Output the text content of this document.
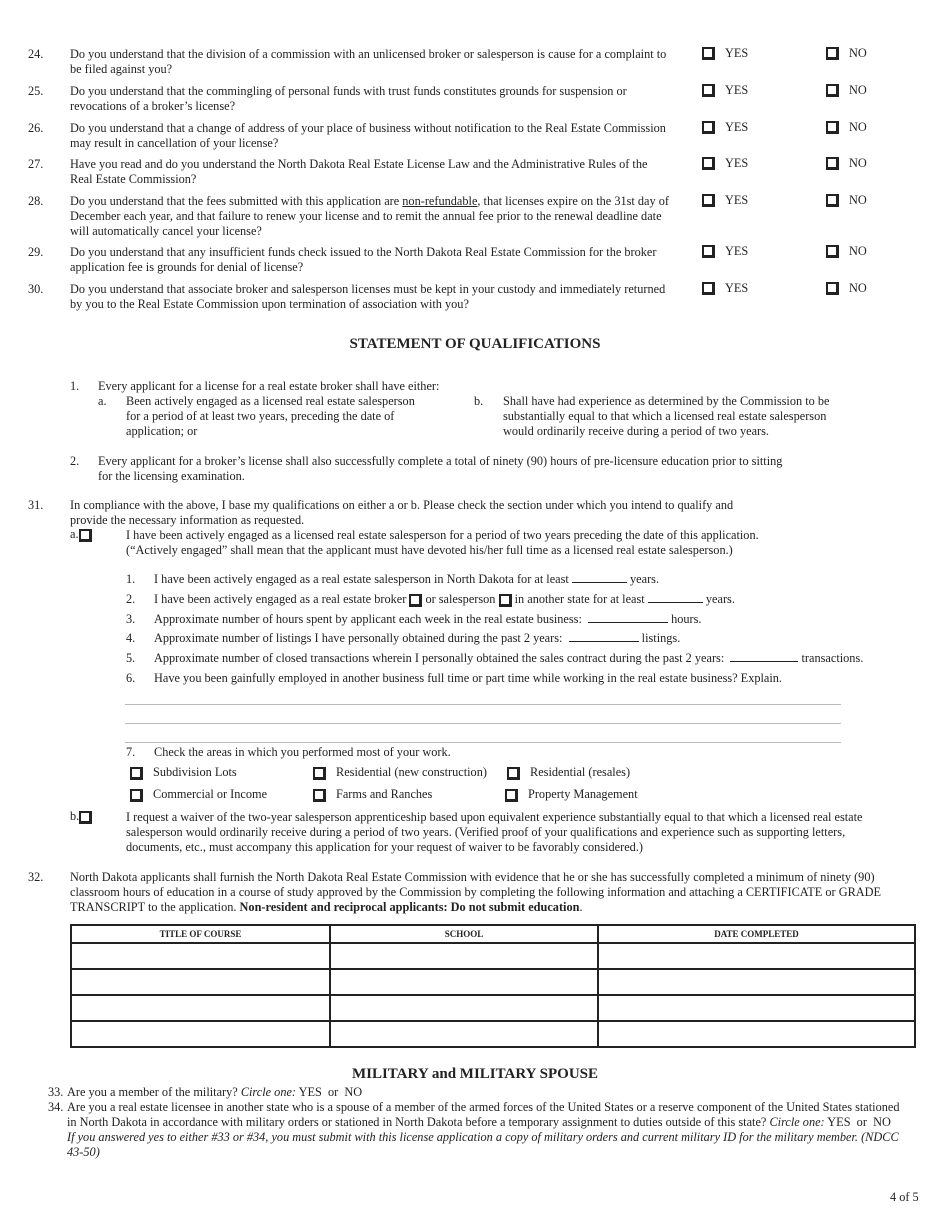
24. Do you understand that the division of a commission with an unlicensed broker or salesperson is cause for a complaint to be filed against you?
YES	NO
25. Do you understand that the commingling of personal funds with trust funds constitutes grounds for suspension or revocations of a broker’s license?
YES	NO
26. Do you understand that a change of address of your place of business without notification to the Real Estate Commission may result in cancellation of your license?
YES	NO
27. Have you read and do you understand the North Dakota Real Estate License Law and the Administrative Rules of the Real Estate Commission?
YES	NO
28. Do you understand that the fees submitted with this application are non-refundable, that licenses expire on the 31st day of December each year, and that failure to renew your license and to remit the annual fee prior to the renewal deadline date will automatically cancel your license?
YES	NO
29. Do you understand that any insufficient funds check issued to the North Dakota Real Estate Commission for the broker application fee is grounds for denial of license?
YES	NO
30. Do you understand that associate broker and salesperson licenses must be kept in your custody and immediately returned by you to the Real Estate Commission upon termination of association with you?
YES	NO
STATEMENT OF QUALIFICATIONS
1. Every applicant for a license for a real estate broker shall have either:
a. Been actively engaged as a licensed real estate salesperson for a period of at least two years, preceding the date of application; or
b. Shall have had experience as determined by the Commission to be substantially equal to that which a licensed real estate salesperson would ordinarily receive during a period of two years.
2. Every applicant for a broker’s license shall also successfully complete a total of ninety (90) hours of pre-licensure education prior to sitting for the licensing examination.
31. In compliance with the above, I base my qualifications on either a or b. Please check the section under which you intend to qualify and provide the necessary information as requested.
a.	I have been actively engaged as a licensed real estate salesperson for a period of two years preceding the date of this application. (“Actively engaged” shall mean that the applicant must have devoted his/her full time as a licensed real estate salesperson.)
1. I have been actively engaged as a real estate salesperson in North Dakota for at least	years.
2. I have been actively engaged as a real estate broker or salesperson in another state for at least	years.
3. Approximate number of hours spent by applicant each week in the real estate business:	hours.
4. Approximate number of listings I have personally obtained during the past 2 years:	listings.
5. Approximate number of closed transactions wherein I personally obtained the sales contract during the past 2 years:	transactions.
6. Have you been gainfully employed in another business full time or part time while working in the real estate business? Explain.
7. Check the areas in which you performed most of your work.
Subdivision Lots	Residential (new construction)	Residential (resales)
Commercial or Income	Farms and Ranches	Property Management
b.	I request a waiver of the two-year salesperson apprenticeship based upon equivalent experience substantially equal to that which a licensed real estate salesperson would ordinarily receive during a period of two years. (Verified proof of your qualifications and experience such as supporting letters, documents, etc., must accompany this application for your request of waiver to be favorably considered.)
32. North Dakota applicants shall furnish the North Dakota Real Estate Commission with evidence that he or she has successfully completed a minimum of ninety (90) classroom hours of education in a course of study approved by the Commission by completing the following information and attaching a CERTIFICATE or GRADE TRANSCRIPT to the application. Non-resident and reciprocal applicants: Do not submit education.
TITLE OF COURSE	SCHOOL	DATE COMPLETED

MILITARY and MILITARY SPOUSE
33. Are you a member of the military? Circle one: YES  or  NO
34. Are you a real estate licensee in another state who is a spouse of a member of the armed forces of the United States or a reserve component of the United States stationed in North Dakota in accordance with military orders or stationed in North Dakota before a temporary assignment to duties outside of this state? Circle one: YES  or  NO
If you answered yes to either #33 or #34, you must submit with this license application a copy of military orders and current military ID for the military member. (NDCC 43-50)
4 of 5
